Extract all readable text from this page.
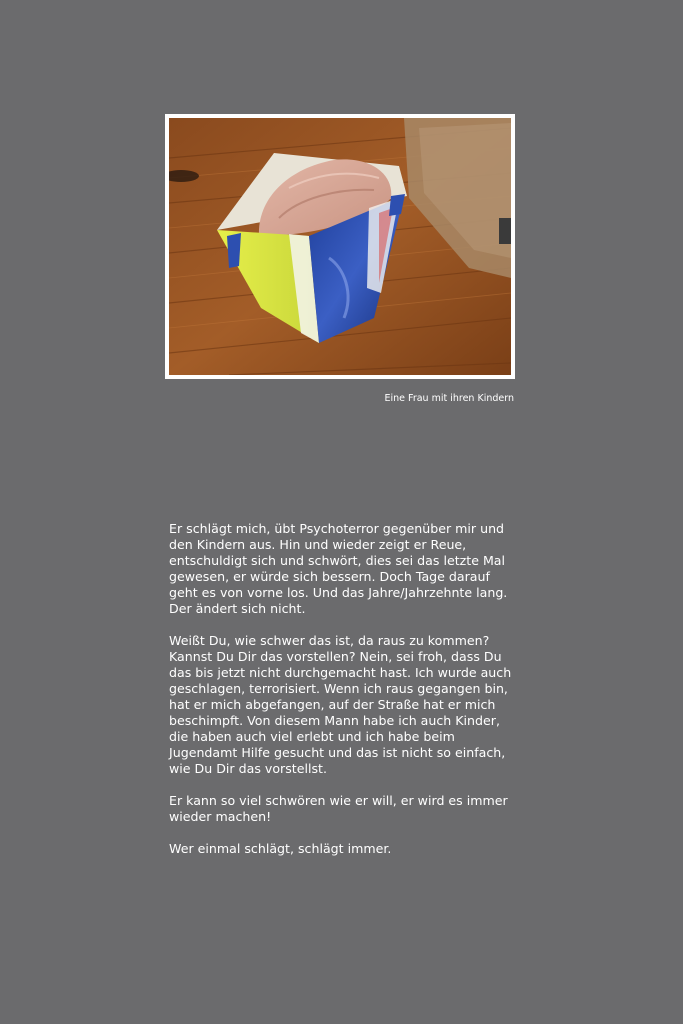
Eine Frau mit ihren Kindern

Er schlägt mich, übt Psychoterror gegenüber mir und den Kindern aus. Hin und wieder zeigt er Reue, entschuldigt sich und schwört, dies sei das letzte Mal gewesen, er würde sich bessern. Doch Tage darauf geht es von vorne los. Und das Jahre/Jahrzehnte lang. Der ändert sich nicht.

Weißt Du, wie schwer das ist, da raus zu kommen? Kannst Du Dir das vorstellen? Nein, sei froh, dass Du das bis jetzt nicht durchgemacht hast. Ich wurde auch geschlagen, terrorisiert. Wenn ich raus gegangen bin, hat er mich abgefangen, auf der Straße hat er mich beschimpft. Von diesem Mann habe ich auch Kinder, die haben auch viel erlebt und ich habe beim Jugendamt Hilfe gesucht und das ist nicht so einfach, wie Du Dir das vorstellst.

Er kann so viel schwören wie er will, er wird es immer wieder machen!

Wer einmal schlägt, schlägt immer.
